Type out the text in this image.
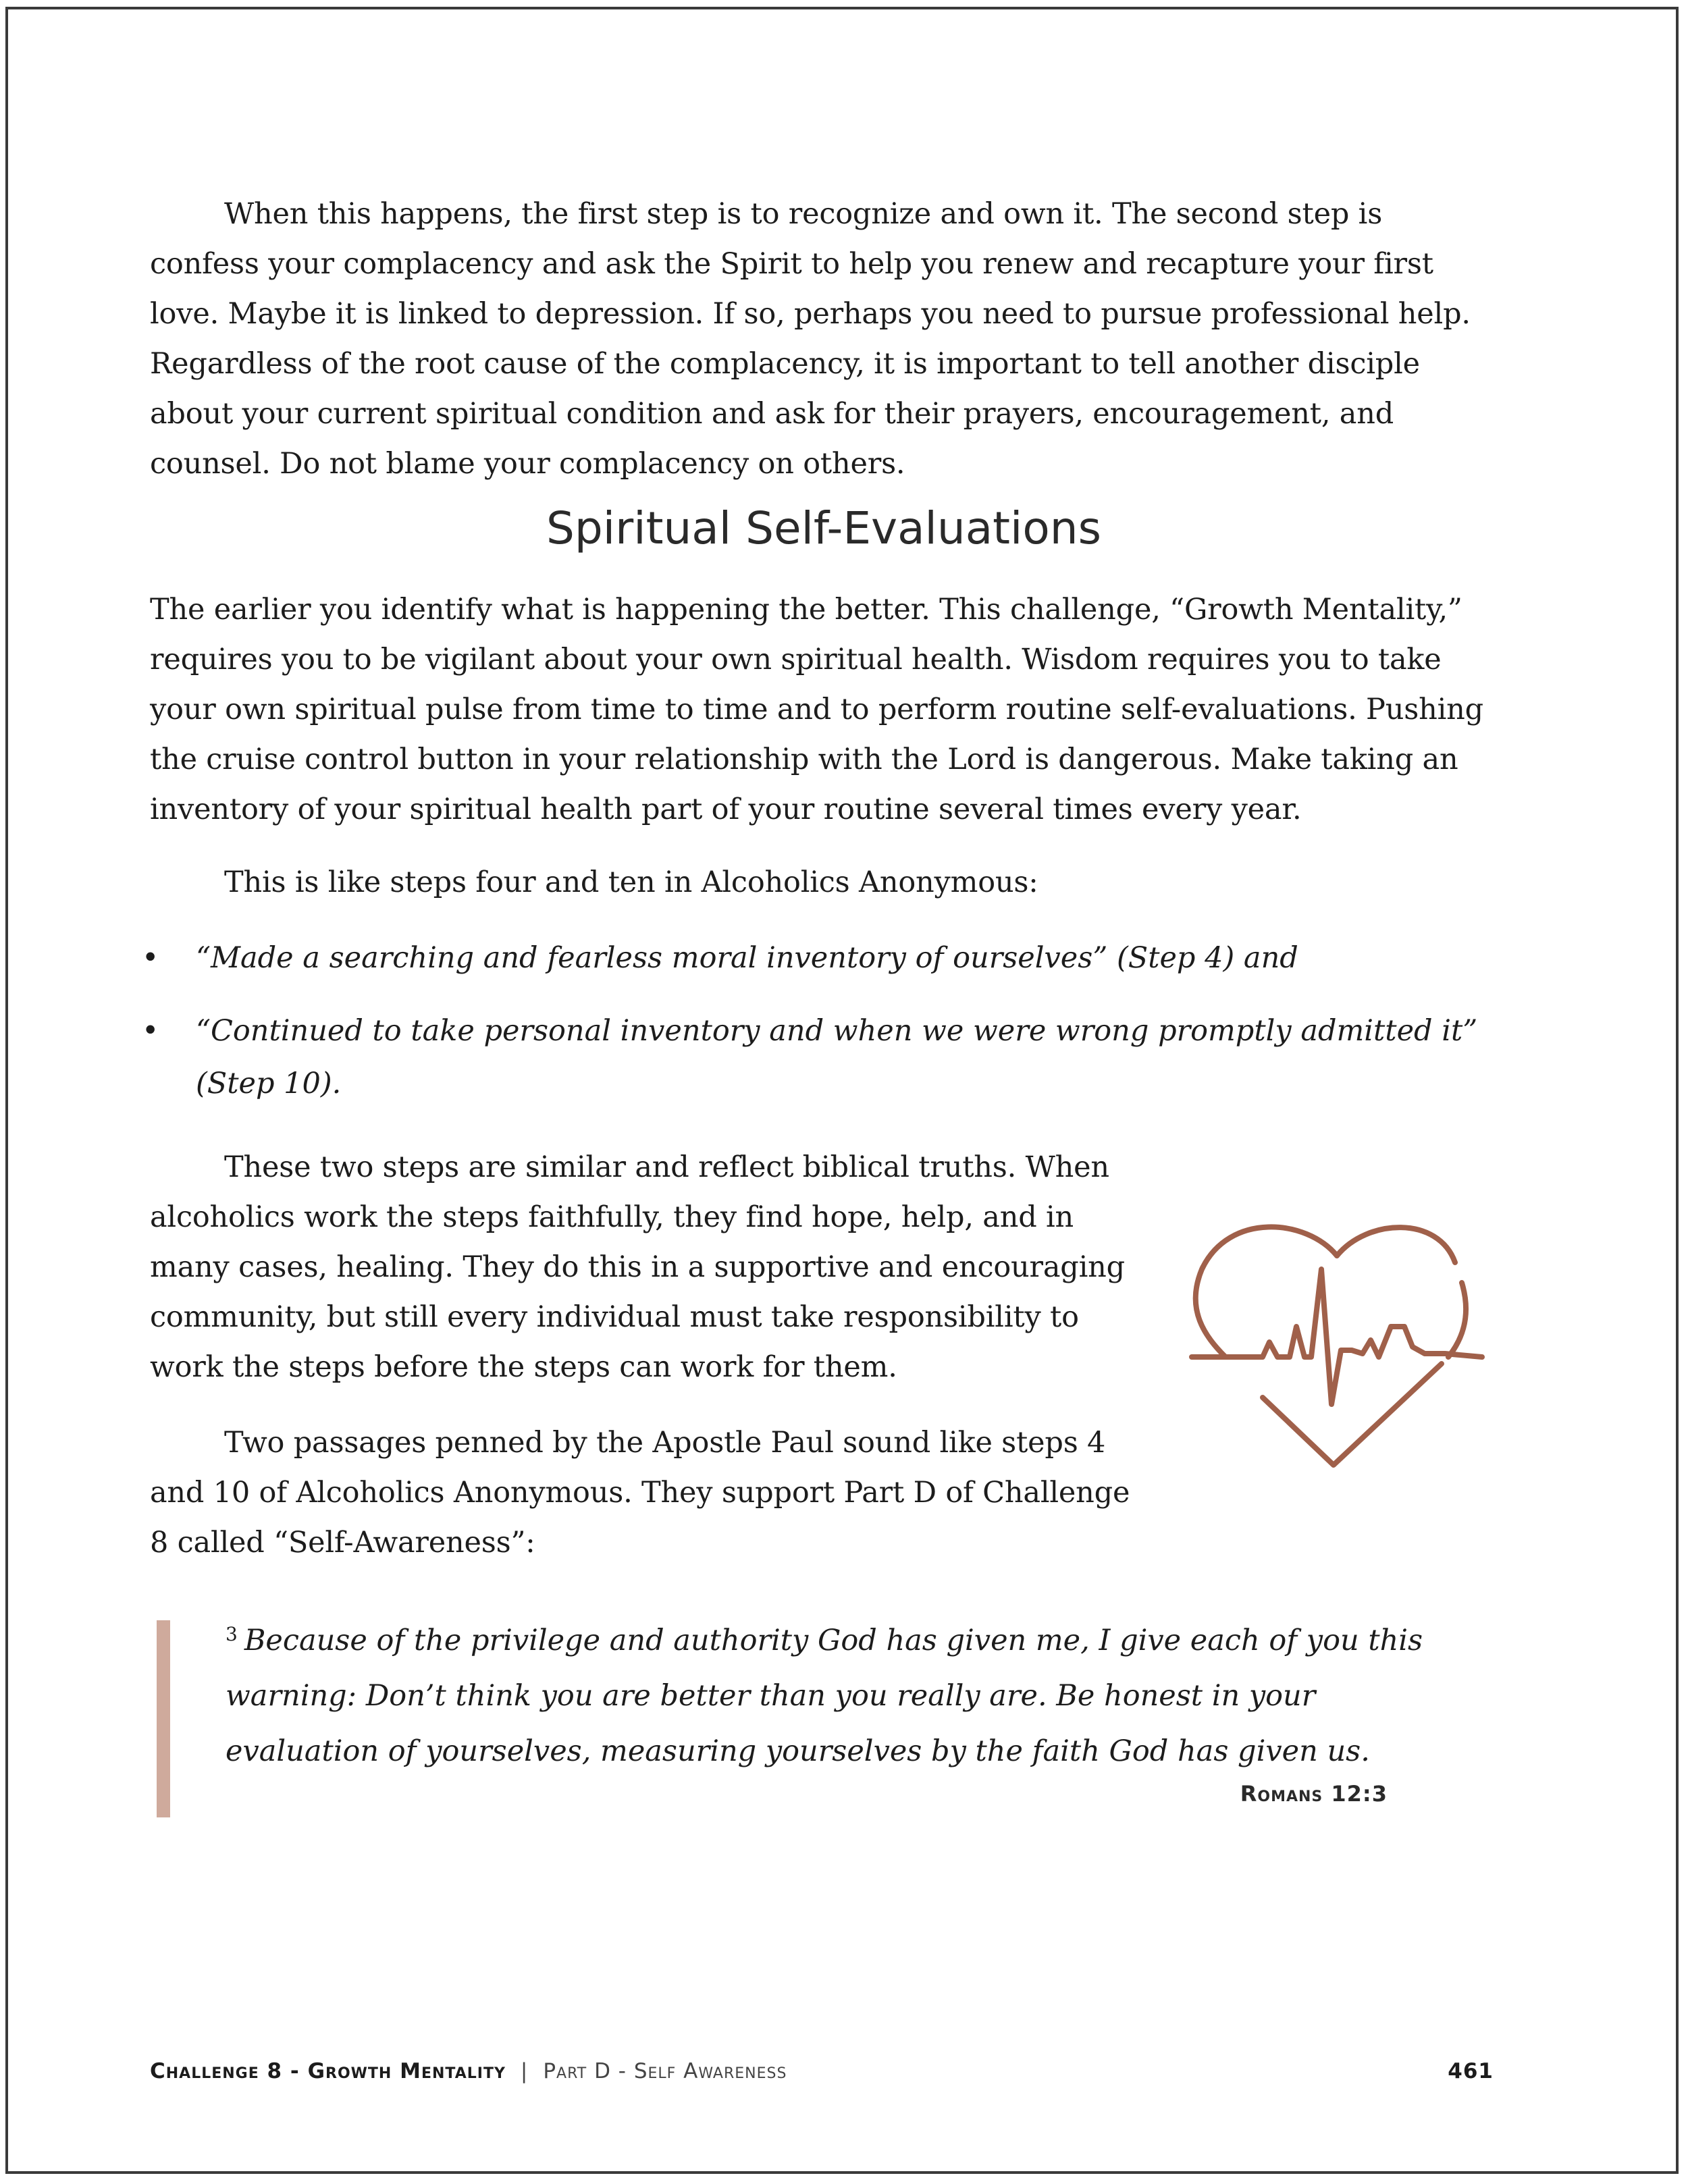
When this happens, the first step is to recognize and own it. The second step is confess your complacency and ask the Spirit to help you renew and recapture your first love. Maybe it is linked to depression. If so, perhaps you need to pursue professional help. Regardless of the root cause of the complacency, it is important to tell another disciple about your current spiritual condition and ask for their prayers, encouragement, and counsel. Do not blame your complacency on others.

Spiritual Self-Evaluations

The earlier you identify what is happening the better. This challenge, “Growth Mentality,” requires you to be vigilant about your own spiritual health. Wisdom requires you to take your own spiritual pulse from time to time and to perform routine self-evaluations. Pushing the cruise control button in your relationship with the Lord is dangerous. Make taking an inventory of your spiritual health part of your routine several times every year.

This is like steps four and ten in Alcoholics Anonymous:

• “Made a searching and fearless moral inventory of ourselves” (Step 4) and
• “Continued to take personal inventory and when we were wrong promptly admitted it” (Step 10).

These two steps are similar and reflect biblical truths. When alcoholics work the steps faithfully, they find hope, help, and in many cases, healing. They do this in a supportive and encouraging community, but still every individual must take responsibility to work the steps before the steps can work for them.

Two passages penned by the Apostle Paul sound like steps 4 and 10 of Alcoholics Anonymous. They support Part D of Challenge 8 called “Self-Awareness”:

$^3$ Because of the privilege and authority God has given me, I give each of you this warning: Don’t think you are better than you really are. Be honest in your evaluation of yourselves, measuring yourselves by the faith God has given us.
Romans 12:3
Challenge 8 - Growth Mentality | Part D - Self Awareness	461
